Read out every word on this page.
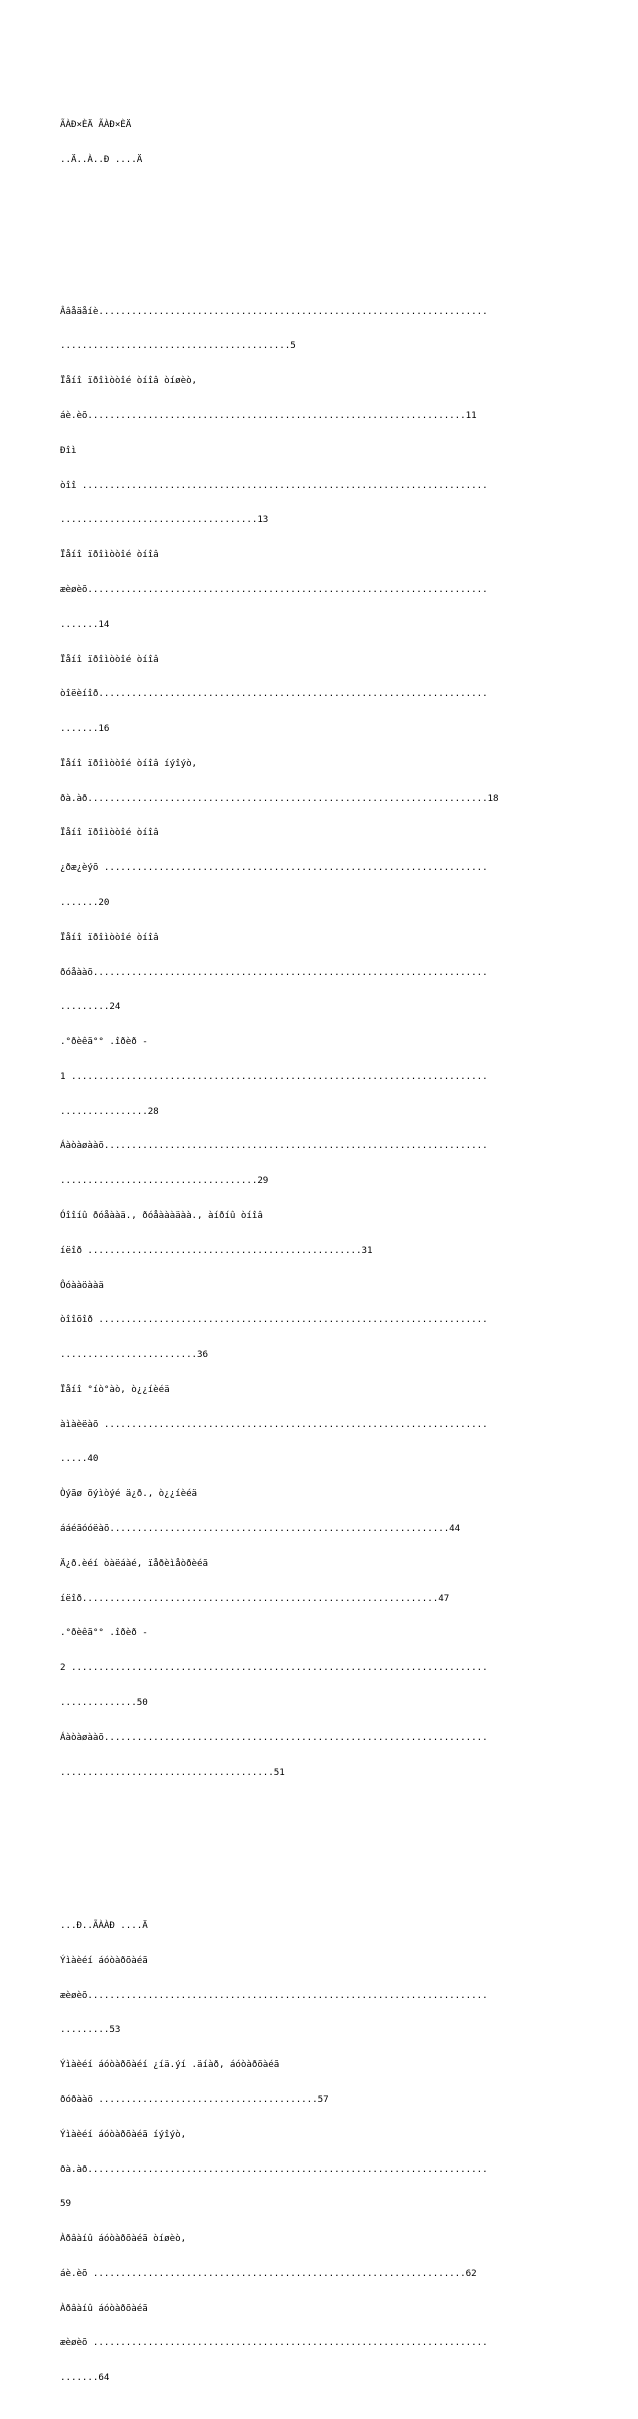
ÃÀÐ×ÈÄ ÃÀÐ×ÈÄ

..Ä..À..Ð ....Ä

Ââåäåíè.......................................................................

..........................................5

Ïåíî ïðîìòòîé òíîâ òíøèò,

áè.èõ.....................................................................11

Ðîì

òîî ..........................................................................

....................................13

Ïåíî ïðîìòòîé òíîâ

æèøèõ.........................................................................

.......14

Ïåíî ïðîìòòîé òíîâ

òîëèíîð.......................................................................

.......16

Ïåíî ïðîìòòîé òíîâ íýîýò,

ðà.àð.........................................................................18

Ïåíî ïðîìòòîé òíîâ

¿ðæ¿èýõ ......................................................................

.......20

Ïåíî ïðîìòòîé òíîâ

ðóåààõ........................................................................

.........24

.°ðèêã°° .îðèð -

1 ............................................................................

................28

Áàòàøààõ......................................................................

....................................29

Óîîíû ðóåààä., ðóåàààäàà., àíðíû òíîâ

íëîð ..................................................31

Ôóààöààä

òîîõîð .......................................................................

.........................36

Ïåíî °íò°àò, ò¿¿íèéä

àìàèëàõ ......................................................................

.....40

Òýãø õýìòýé ä¿ð., ò¿¿íèéä

ááéãóóëàõ..............................................................44

Ä¿ð.èéí òàëáàé, ïåðèìåòðèéã

íëîð.................................................................47

.°ðèêã°° .îðèð -

2 ............................................................................

..............50

Áàòàøààõ......................................................................

.......................................51

...Ð..ÃÀÀÐ ....Ä

Ýìàèéí áóòàðõàéã

æèøèõ.........................................................................

.........53

Ýìàèéí áóòàðõàéí ¿íä.ýí .äíàð, áóòàðõàéã

ðóðààõ ........................................57

Ýìàèéí áóòàðõàéã íýîýò,

ðà.àð.........................................................................

59

Àðâàíû áóòàðõàéã òíøèò,

áè.èõ ....................................................................62

Àðâàíû áóòàðõàéã

æèøèõ ........................................................................

.......64
